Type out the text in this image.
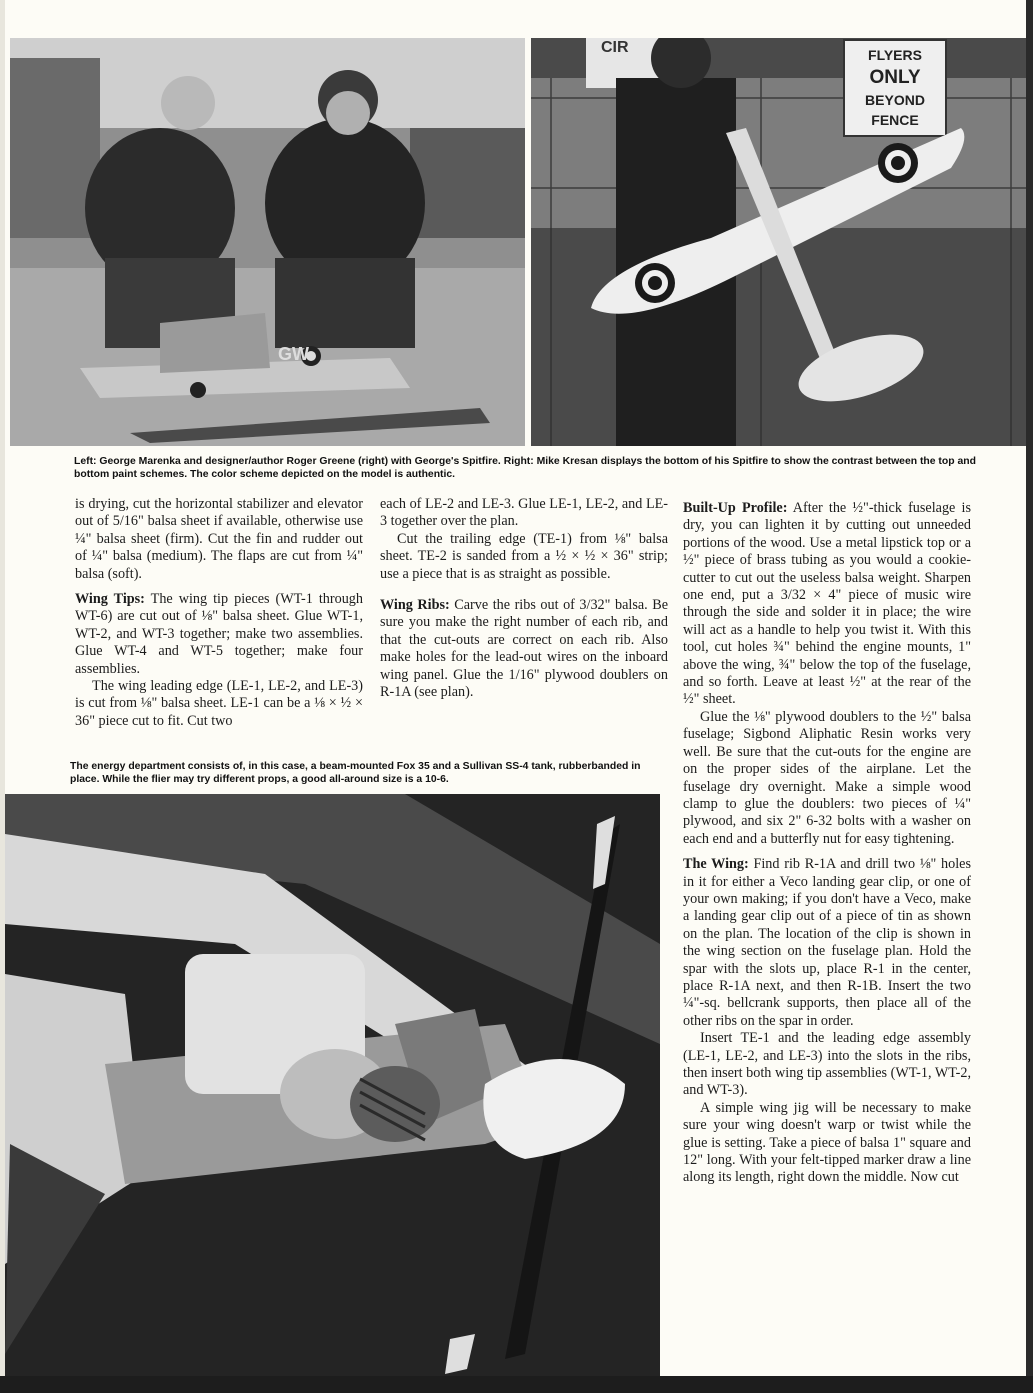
GW
CIR	FLYERS
ONLY
BEYOND
FENCE

Left: George Marenka and designer/author Roger Greene (right) with George's Spitfire. Right: Mike Kresan displays the bottom of his Spitfire to show the contrast between the top and bottom paint schemes. The color scheme depicted on the model is authentic.

is drying, cut the horizontal stabilizer and elevator out of 5/16" balsa sheet if available, otherwise use ¼" balsa sheet (firm). Cut the fin and rudder out of ¼" balsa (medium). The flaps are cut from ¼" balsa (soft).

Wing Tips: The wing tip pieces (WT-1 through WT-6) are cut out of ⅛" balsa sheet. Glue WT-1, WT-2, and WT-3 together; make two assemblies. Glue WT-4 and WT-5 together; make four assemblies.

The wing leading edge (LE-1, LE-2, and LE-3) is cut from ⅛" balsa sheet. LE-1 can be a ⅛ × ½ × 36" piece cut to fit. Cut two

each of LE-2 and LE-3. Glue LE-1, LE-2, and LE-3 together over the plan.

Cut the trailing edge (TE-1) from ⅛" balsa sheet. TE-2 is sanded from a ½ × ½ × 36" strip; use a piece that is as straight as possible.

Wing Ribs: Carve the ribs out of 3/32" balsa. Be sure you make the right number of each rib, and that the cut-outs are correct on each rib. Also make holes for the lead-out wires on the inboard wing panel. Glue the 1/16" plywood doublers on R-1A (see plan).

Built-Up Profile: After the ½"-thick fuselage is dry, you can lighten it by cutting out unneeded portions of the wood. Use a metal lipstick top or a ½" piece of brass tubing as you would a cookie-cutter to cut out the useless balsa weight. Sharpen one end, put a 3/32 × 4" piece of music wire through the side and solder it in place; the wire will act as a handle to help you twist it. With this tool, cut holes ¾" behind the engine mounts, 1" above the wing, ¾" below the top of the fuselage, and so forth. Leave at least ½" at the rear of the ½" sheet.

Glue the ⅛" plywood doublers to the ½" balsa fuselage; Sigbond Aliphatic Resin works very well. Be sure that the cut-outs for the engine are on the proper sides of the airplane. Let the fuselage dry overnight. Make a simple wood clamp to glue the doublers: two pieces of ¼" plywood, and six 2" 6-32 bolts with a washer on each end and a butterfly nut for easy tightening.

The Wing: Find rib R-1A and drill two ⅛" holes in it for either a Veco landing gear clip, or one of your own making; if you don't have a Veco, make a landing gear clip out of a piece of tin as shown on the plan. The location of the clip is shown in the wing section on the fuselage plan. Hold the spar with the slots up, place R-1 in the center, place R-1A next, and then R-1B. Insert the two ¼"-sq. bellcrank supports, then place all of the other ribs on the spar in order.

Insert TE-1 and the leading edge assembly (LE-1, LE-2, and LE-3) into the slots in the ribs, then insert both wing tip assemblies (WT-1, WT-2, and WT-3).

A simple wing jig will be necessary to make sure your wing doesn't warp or twist while the glue is setting. Take a piece of balsa 1" square and 12" long. With your felt-tipped marker draw a line along its length, right down the middle. Now cut

The energy department consists of, in this case, a beam-mounted Fox 35 and a Sullivan SS-4 tank, rubberbanded in place. While the flier may try different props, a good all-around size is a 10-6.
